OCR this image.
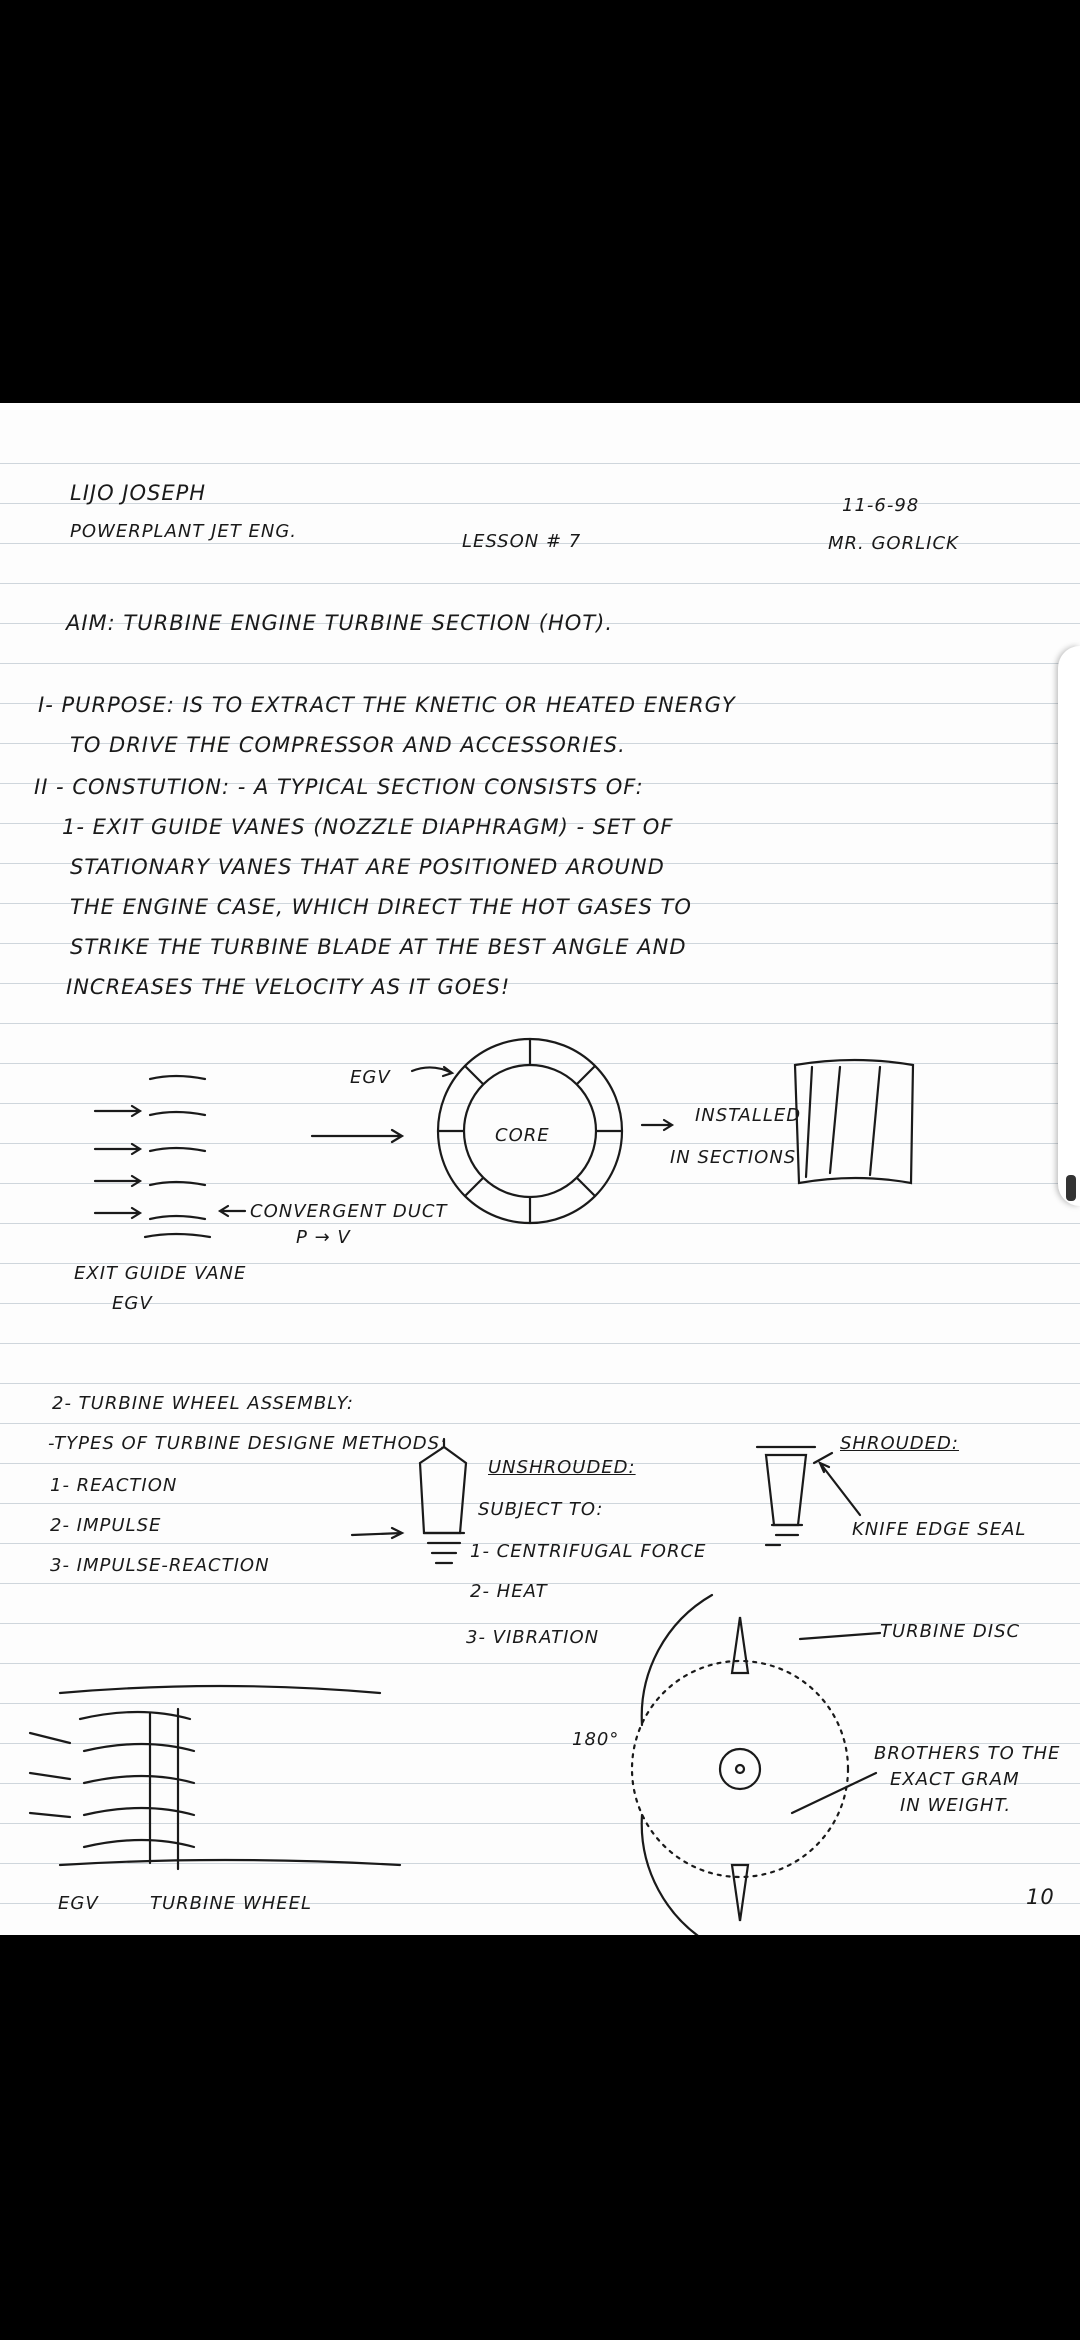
LIJO JOSEPH
POWERPLANT JET ENG.	LESSON # 7
11-6-98
MR. GORLICK
AIM: TURBINE ENGINE TURBINE SECTION (HOT).
I- PURPOSE: IS TO EXTRACT THE KNETIC OR HEATED ENERGY
TO DRIVE THE COMPRESSOR AND ACCESSORIES.
II - CONSTUTION: - A TYPICAL SECTION CONSISTS OF:
1- EXIT GUIDE VANES (NOZZLE DIAPHRAGM) - SET OF
STATIONARY VANES THAT ARE POSITIONED AROUND
THE ENGINE CASE, WHICH DIRECT THE HOT GASES TO
STRIKE THE TURBINE BLADE AT THE BEST ANGLE AND
INCREASES THE VELOCITY AS IT GOES!
EGV
CORE
INSTALLED
IN SECTIONS
CONVERGENT DUCT
P → V
EXIT GUIDE VANE
EGV
2- TURBINE WHEEL ASSEMBLY:
-TYPES OF TURBINE DESIGNE METHODS:
1- REACTION
2- IMPULSE
3- IMPULSE-REACTION
UNSHROUDED:
SUBJECT TO:
1- CENTRIFUGAL FORCE
2- HEAT
3- VIBRATION
SHROUDED:
KNIFE EDGE SEAL
TURBINE DISC
180°
BROTHERS TO THE
EXACT GRAM
IN WEIGHT.
EGV	TURBINE WHEEL	10
